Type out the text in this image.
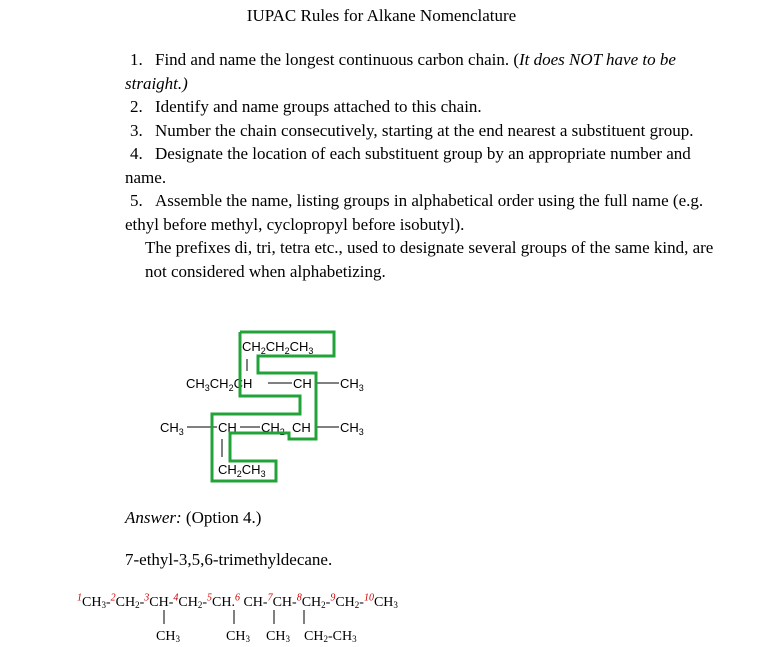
IUPAC Rules for Alkane Nomenclature

1. Find and name the longest continuous carbon chain. (It does NOT have to be straight.)

2. Identify and name groups attached to this chain.

3. Number the chain consecutively, starting at the end nearest a substituent group.

4. Designate the location of each substituent group by an appropriate number and name.

5. Assemble the name, listing groups in alphabetical order using the full name (e.g. ethyl before methyl, cyclopropyl before isobutyl).

The prefixes di, tri, tetra etc., used to designate several groups of the same kind, are not considered when alphabetizing.

$CH_2CH_2CH_3$
$CH_3CH_2CH$	CH $CH_3$
$CH_3$	CH $CH_2$ CH $CH_3$
$CH_2CH_3$
Answer: (Option 4.)
7-ethyl-3,5,6-trimethyldecane.
$^1CH_3-^2CH_2-^3CH-^4CH_2-^5CH.^6$ $CH-^7CH-^8CH_2-^9CH_2-^{10}CH_3$
$CH_3$	$CH_3$ $CH_3$ $CH_2-CH_3$
